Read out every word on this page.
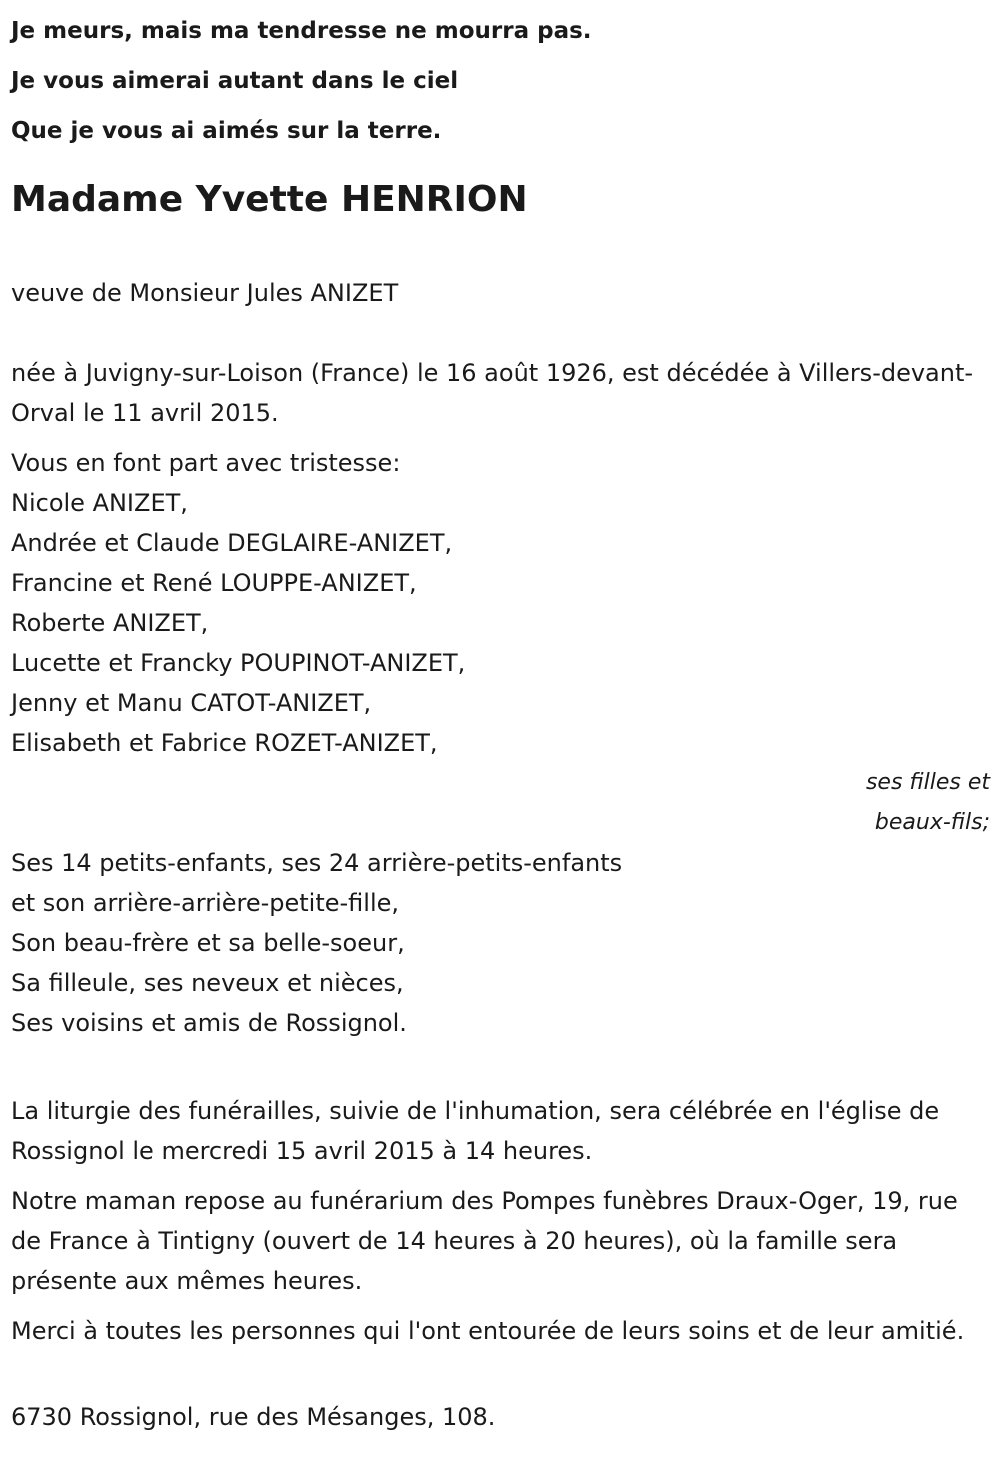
Je meurs, mais ma tendresse ne mourra pas.

Je vous aimerai autant dans le ciel

Que je vous ai aimés sur la terre.

Madame Yvette HENRION

veuve de Monsieur Jules ANIZET

née à Juvigny-sur-Loison (France) le 16 août 1926, est décédée à Villers-devant-Orval le 11 avril 2015.

Vous en font part avec tristesse:

Nicole ANIZET,

Andrée et Claude DEGLAIRE-ANIZET,

Francine et René LOUPPE-ANIZET,

Roberte ANIZET,

Lucette et Francky POUPINOT-ANIZET,

Jenny et Manu CATOT-ANIZET,

Elisabeth et Fabrice ROZET-ANIZET,

ses filles et

beaux-fils;

Ses 14 petits-enfants, ses 24 arrière-petits-enfants

et son arrière-arrière-petite-fille,

Son beau-frère et sa belle-soeur,

Sa filleule, ses neveux et nièces,

Ses voisins et amis de Rossignol.

La liturgie des funérailles, suivie de l'inhumation, sera célébrée en l'église de Rossignol le mercredi 15 avril 2015 à 14 heures.

Notre maman repose au funérarium des Pompes funèbres Draux-Oger, 19, rue de France à Tintigny (ouvert de 14 heures à 20 heures), où la famille sera présente aux mêmes heures.

Merci à toutes les personnes qui l'ont entourée de leurs soins et de leur amitié.

6730 Rossignol, rue des Mésanges, 108.
